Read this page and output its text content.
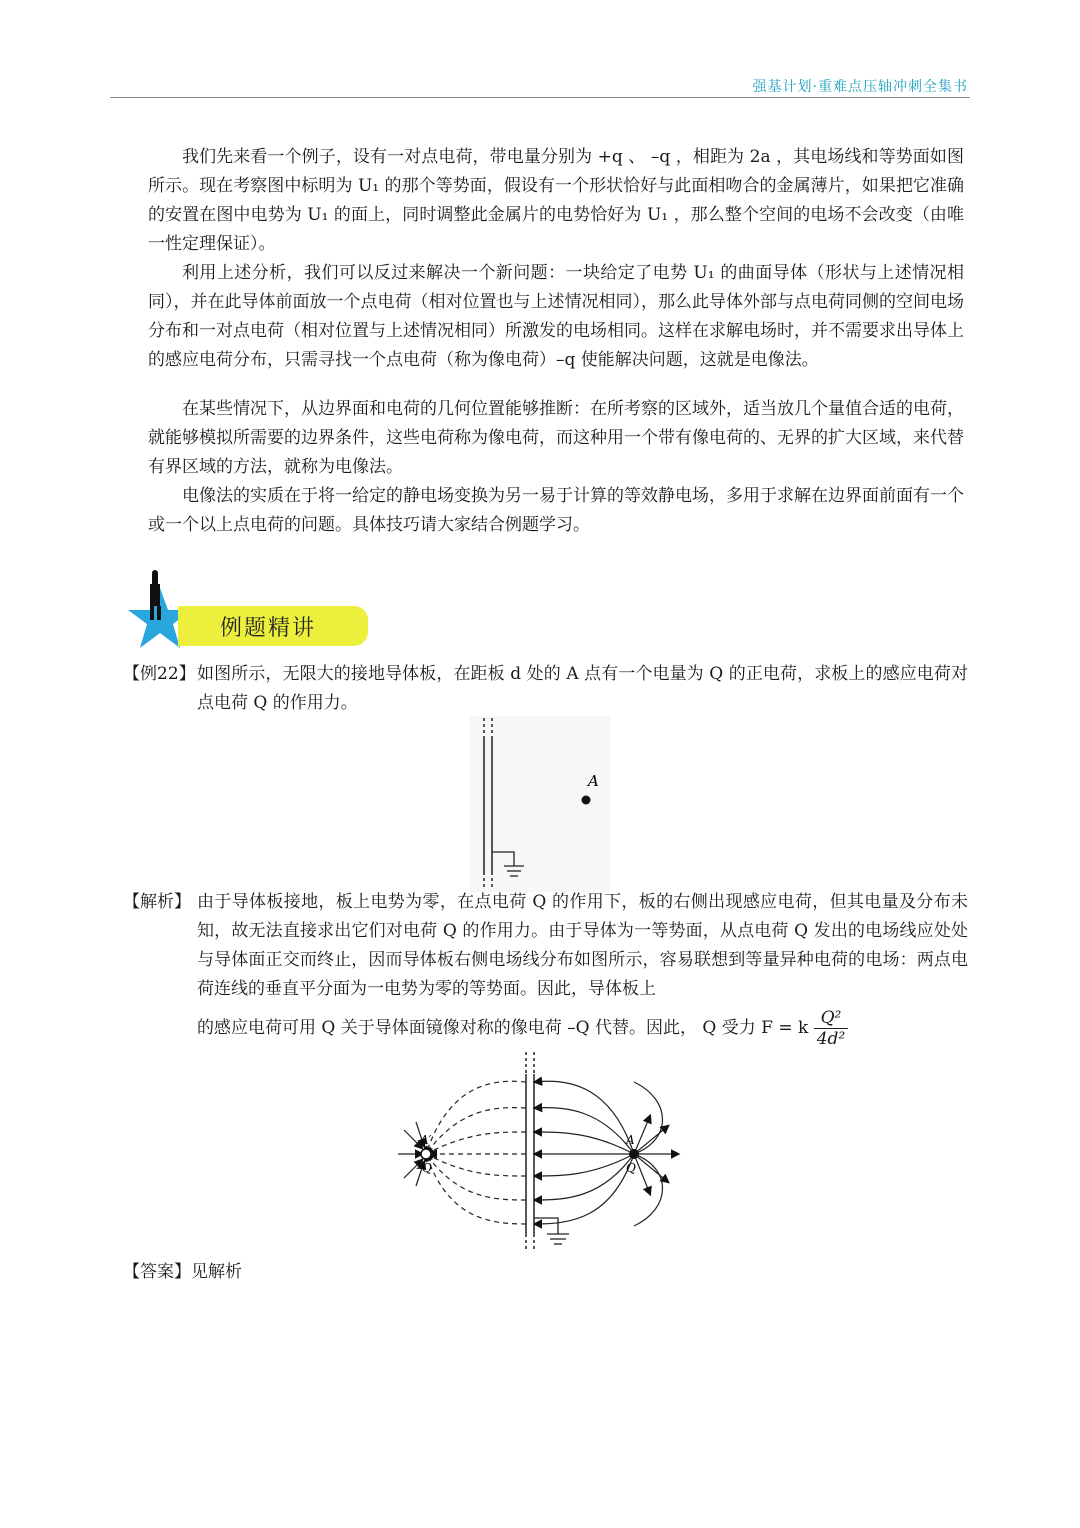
强基计划·重难点压轴冲刺全集书

我们先来看一个例子，设有一对点电荷，带电量分别为 +q 、 –q ，相距为 2a ，其电场线和等势面如图所示。现在考察图中标明为 U₁ 的那个等势面，假设有一个形状恰好与此面相吻合的金属薄片，如果把它准确的安置在图中电势为 U₁ 的面上，同时调整此金属片的电势恰好为 U₁ ，那么整个空间的电场不会改变（由唯一性定理保证）。

利用上述分析，我们可以反过来解决一个新问题：一块给定了电势 U₁ 的曲面导体（形状与上述情况相同），并在此导体前面放一个点电荷（相对位置也与上述情况相同），那么此导体外部与点电荷同侧的空间电场分布和一对点电荷（相对位置与上述情况相同）所激发的电场相同。这样在求解电场时，并不需要求出导体上的感应电荷分布，只需寻找一个点电荷（称为像电荷）–q 使能解决问题，这就是电像法。

在某些情况下，从边界面和电荷的几何位置能够推断：在所考察的区域外，适当放几个量值合适的电荷，就能够模拟所需要的边界条件，这些电荷称为像电荷，而这种用一个带有像电荷的、无界的扩大区域，来代替有界区域的方法，就称为电像法。

电像法的实质在于将一给定的静电场变换为另一易于计算的等效静电场，多用于求解在边界面前面有一个或一个以上点电荷的问题。具体技巧请大家结合例题学习。

例题精讲
【例22】 如图所示，无限大的接地导体板，在距板 d 处的 A 点有一个电量为 Q 的正电荷，求板上的感应电荷对点电荷 Q 的作用力。
A
【解析】 由于导体板接地，板上电势为零，在点电荷 Q 的作用下，板的右侧出现感应电荷，但其电量及分布未知，故无法直接求出它们对电荷 Q 的作用力。由于导体为一等势面，从点电荷 Q 发出的电场线应处处与导体面正交而终止，因而导体板右侧电场线分布如图所示，容易联想到等量异种电荷的电场：两点电荷连线的垂直平分面为一电势为零的等势面。因此，导体板上
的感应电荷可用 Q 关于导体面镜像对称的像电荷 –Q 代替。因此， Q 受力 F = k $\frac{\text{Q²}}{\text{4d²}}$
A
Q
A′
–Q
【答案】见解析
